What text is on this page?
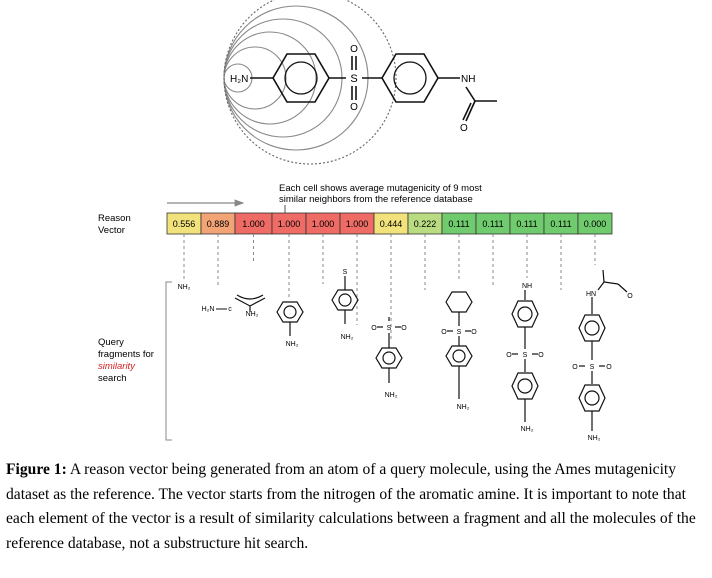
H₂N	S
O
O
NH
O
Each cell shows average mutagenicity of 9 most
similar neighbors from the reference database
Reason
Vector
0.556 0.889 1.000 1.000 1.000 1.000 0.444 0.222 0.111 0.111 0.111 0.111 0.000
Query
fragments for
similarity
search
NH₂
H₂N c
NH₂
NH₂
S
NH₂
O S O
NH₂
O S O
NH₂
NH
O S O
NH₂
HN	O
O S O
NH₂
Figure 1: A reason vector being generated from an atom of a query molecule, using the Ames mutagenicity dataset as the reference. The vector starts from the nitrogen of the aromatic amine. It is important to note that each element of the vector is a result of similarity calculations between a fragment and all the molecules of the reference database, not a substructure hit search.
